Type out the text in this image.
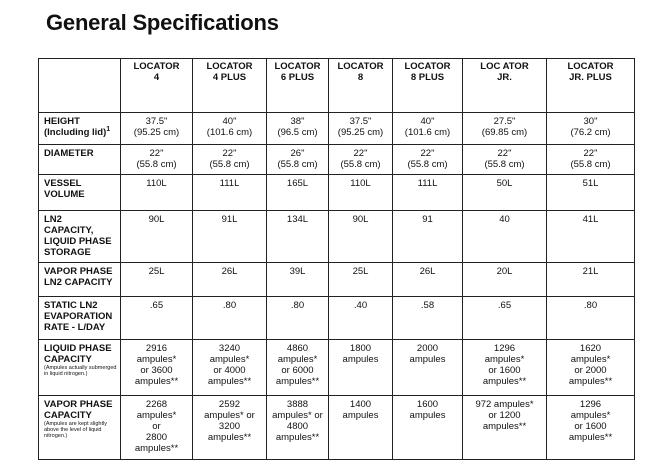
General Specifications

	LOCATOR
4	LOCATOR
4 PLUS	LOCATOR
6 PLUS	LOCATOR
8	LOCATOR
8 PLUS	LOC ATOR
JR.	LOCATOR
JR. PLUS

HEIGHT
(Including lid)$^1$	37.5"
(95.25 cm)	40"
(101.6 cm)	38"
(96.5 cm)	37.5"
(95.25 cm)	40"
(101.6 cm)	27.5"
(69.85 cm)	30"
(76.2 cm)

DIAMETER	22"
(55.8 cm)	22"
(55.8 cm)	26"
(55.8 cm)	22"
(55.8 cm)	22"
(55.8 cm)	22"
(55.8 cm)	22"
(55.8 cm)

VESSEL
VOLUME	110L	111L	165L	110L	111L	50L	51L

LN2
CAPACITY,
LIQUID PHASE
STORAGE	90L	91L	134L	90L	91	40	41L

VAPOR PHASE
LN2 CAPACITY	25L	26L	39L	25L	26L	20L	21L

STATIC LN2
EVAPORATION
RATE - L/DAY	.65	.80	.80	.40	.58	.65	.80

LIQUID PHASE
CAPACITY
(Ampules actually submerged in liquid nitrogen.)	2916
ampules*
or 3600
ampules**	3240
ampules*
or 4000
ampules**	4860
ampules*
or 6000
ampules**	1800
ampules	2000
ampules	1296
ampules*
or 1600
ampules**	1620
ampules*
or 2000
ampules**

VAPOR PHASE
CAPACITY
(Ampules are kept slightly above the level of liquid nitrogen.)	2268
ampules*
or
2800
ampules**	2592
ampules* or
3200
ampules**	3888
ampules* or
4800
ampules**	1400
ampules	1600
ampules	972 ampules*
or 1200
ampules**	1296
ampules*
or 1600
ampules**
